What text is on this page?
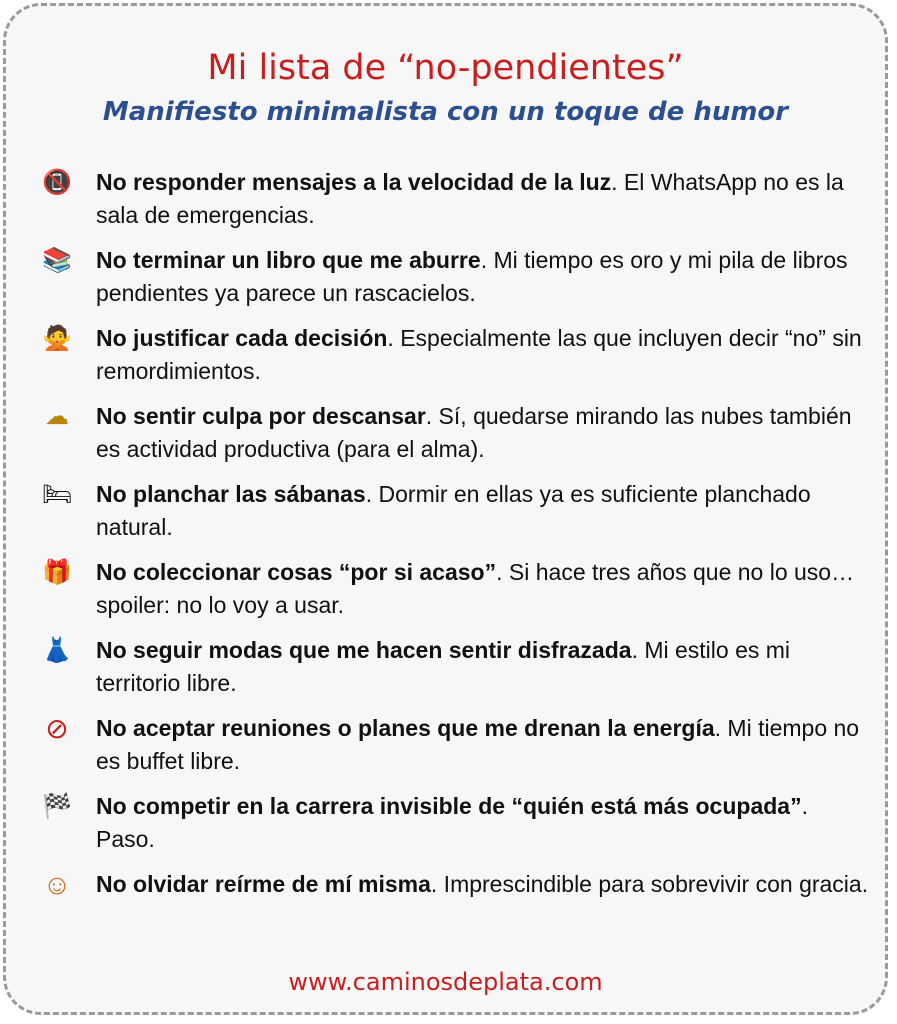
Mi lista de “no-pendientes”
Manifiesto minimalista con un toque de humor
📵 No responder mensajes a la velocidad de la luz. El WhatsApp no es la sala de emergencias.
📚 No terminar un libro que me aburre. Mi tiempo es oro y mi pila de libros pendientes ya parece un rascacielos.
🙅 No justificar cada decisión. Especialmente las que incluyen decir “no” sin remordimientos.
☁ No sentir culpa por descansar. Sí, quedarse mirando las nubes también es actividad productiva (para el alma).
🛏 No planchar las sábanas. Dormir en ellas ya es suficiente planchado natural.
🎁 No coleccionar cosas “por si acaso”. Si hace tres años que no lo uso… spoiler: no lo voy a usar.
👗 No seguir modas que me hacen sentir disfrazada. Mi estilo es mi territorio libre.
⊘ No aceptar reuniones o planes que me drenan la energía. Mi tiempo no es buffet libre.
🏁 No competir en la carrera invisible de “quién está más ocupada”. Paso.
☺ No olvidar reírme de mí misma. Imprescindible para sobrevivir con gracia.

www.caminosdeplata.com
